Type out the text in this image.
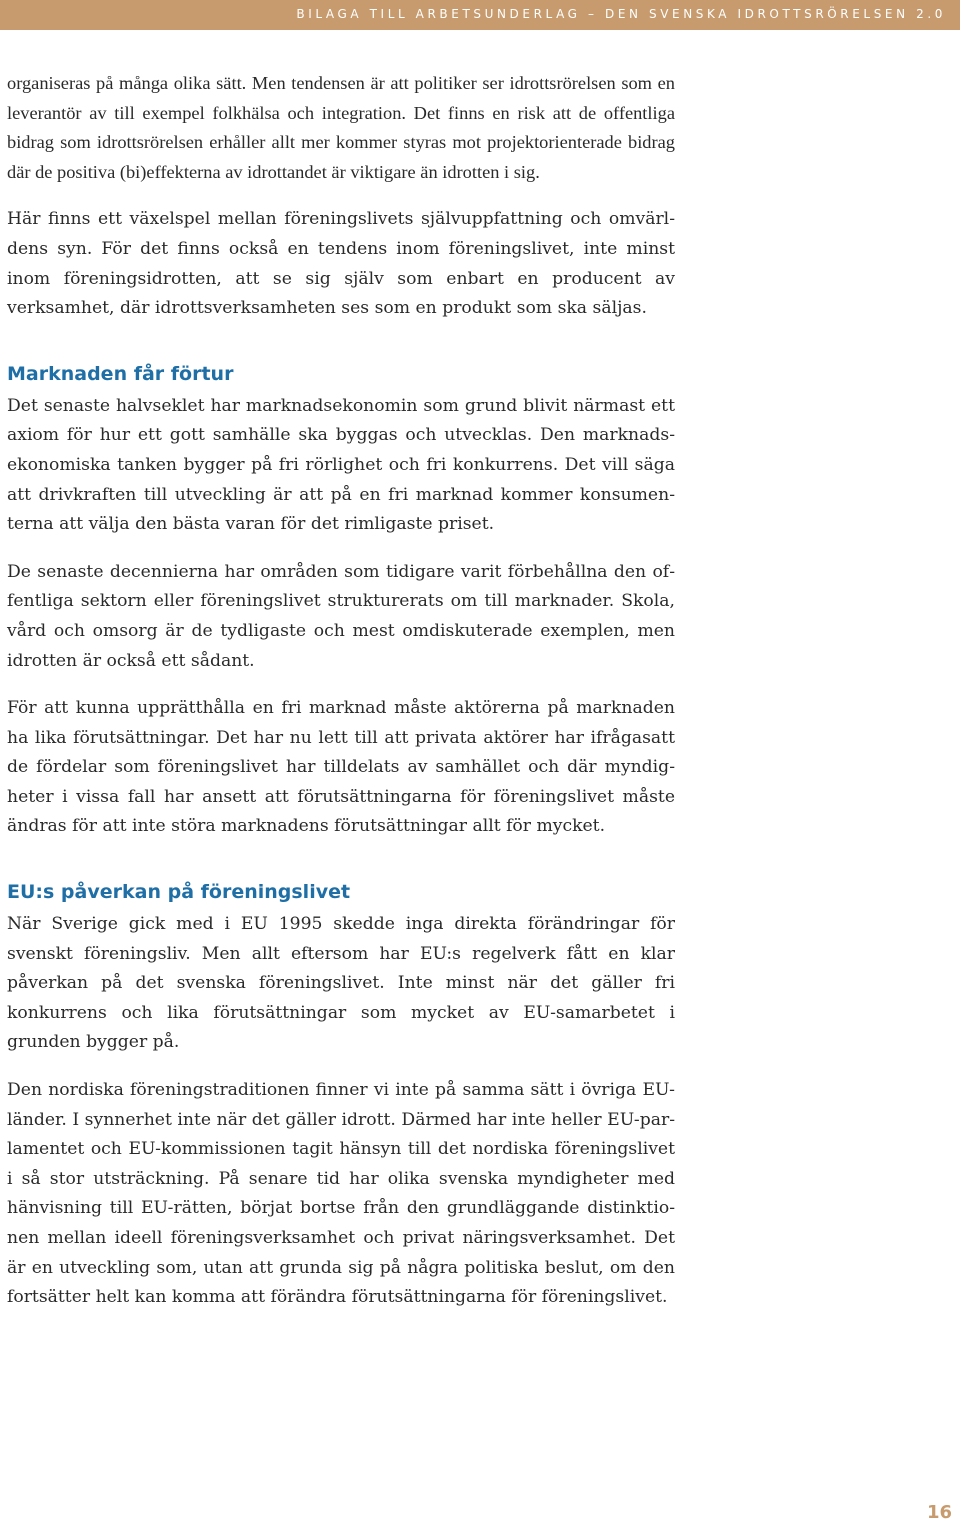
BILAGA TILL ARBETSUNDERLAG – DEN SVENSKA IDROTTSRÖRELSEN 2.0

organiseras på många olika sätt. Men tendensen är att politiker ser idrottsrörelsen som en leverantör av till exempel folkhälsa och integration. Det finns en risk att de offentliga bidrag som idrottsrörelsen erhåller allt mer kommer styras mot projektorienterade bidrag där de positiva (bi)effekterna av idrottandet är viktigare än idrotten i sig.

Här finns ett växelspel mellan föreningslivets självuppfattning och omvärldens syn. För det finns också en tendens inom föreningslivet, inte minst inom föreningsidrotten, att se sig själv som enbart en producent av verksamhet, där idrottsverksamheten ses som en produkt som ska säljas.

Marknaden får förtur

Det senaste halvseklet har marknadsekonomin som grund blivit närmast ett axiom för hur ett gott samhälle ska byggas och utvecklas. Den marknadsekonomiska tanken bygger på fri rörlighet och fri konkurrens. Det vill säga att drivkraften till utveckling är att på en fri marknad kommer konsumenterna att välja den bästa varan för det rimligaste priset.

De senaste decennierna har områden som tidigare varit förbehållna den offentliga sektorn eller föreningslivet strukturerats om till marknader. Skola, vård och omsorg är de tydligaste och mest omdiskuterade exemplen, men idrotten är också ett sådant.

För att kunna upprätthålla en fri marknad måste aktörerna på marknaden ha lika förutsättningar. Det har nu lett till att privata aktörer har ifrågasatt de fördelar som föreningslivet har tilldelats av samhället och där myndigheter i vissa fall har ansett att förutsättningarna för föreningslivet måste ändras för att inte störa marknadens förutsättningar allt för mycket.

EU:s påverkan på föreningslivet

När Sverige gick med i EU 1995 skedde inga direkta förändringar för svenskt föreningsliv. Men allt eftersom har EU:s regelverk fått en klar påverkan på det svenska föreningslivet. Inte minst när det gäller fri konkurrens och lika förutsättningar som mycket av EU-samarbetet i grunden bygger på.

Den nordiska föreningstraditionen finner vi inte på samma sätt i övriga EU-länder. I synnerhet inte när det gäller idrott. Därmed har inte heller EU-parlamentet och EU-kommissionen tagit hänsyn till det nordiska föreningslivet i så stor utsträckning. På senare tid har olika svenska myndigheter med hänvisning till EU-rätten, börjat bortse från den grundläggande distinktionen mellan ideell föreningsverksamhet och privat näringsverksamhet. Det är en utveckling som, utan att grunda sig på några politiska beslut, om den fortsätter helt kan komma att förändra förutsättningarna för föreningslivet.

16
